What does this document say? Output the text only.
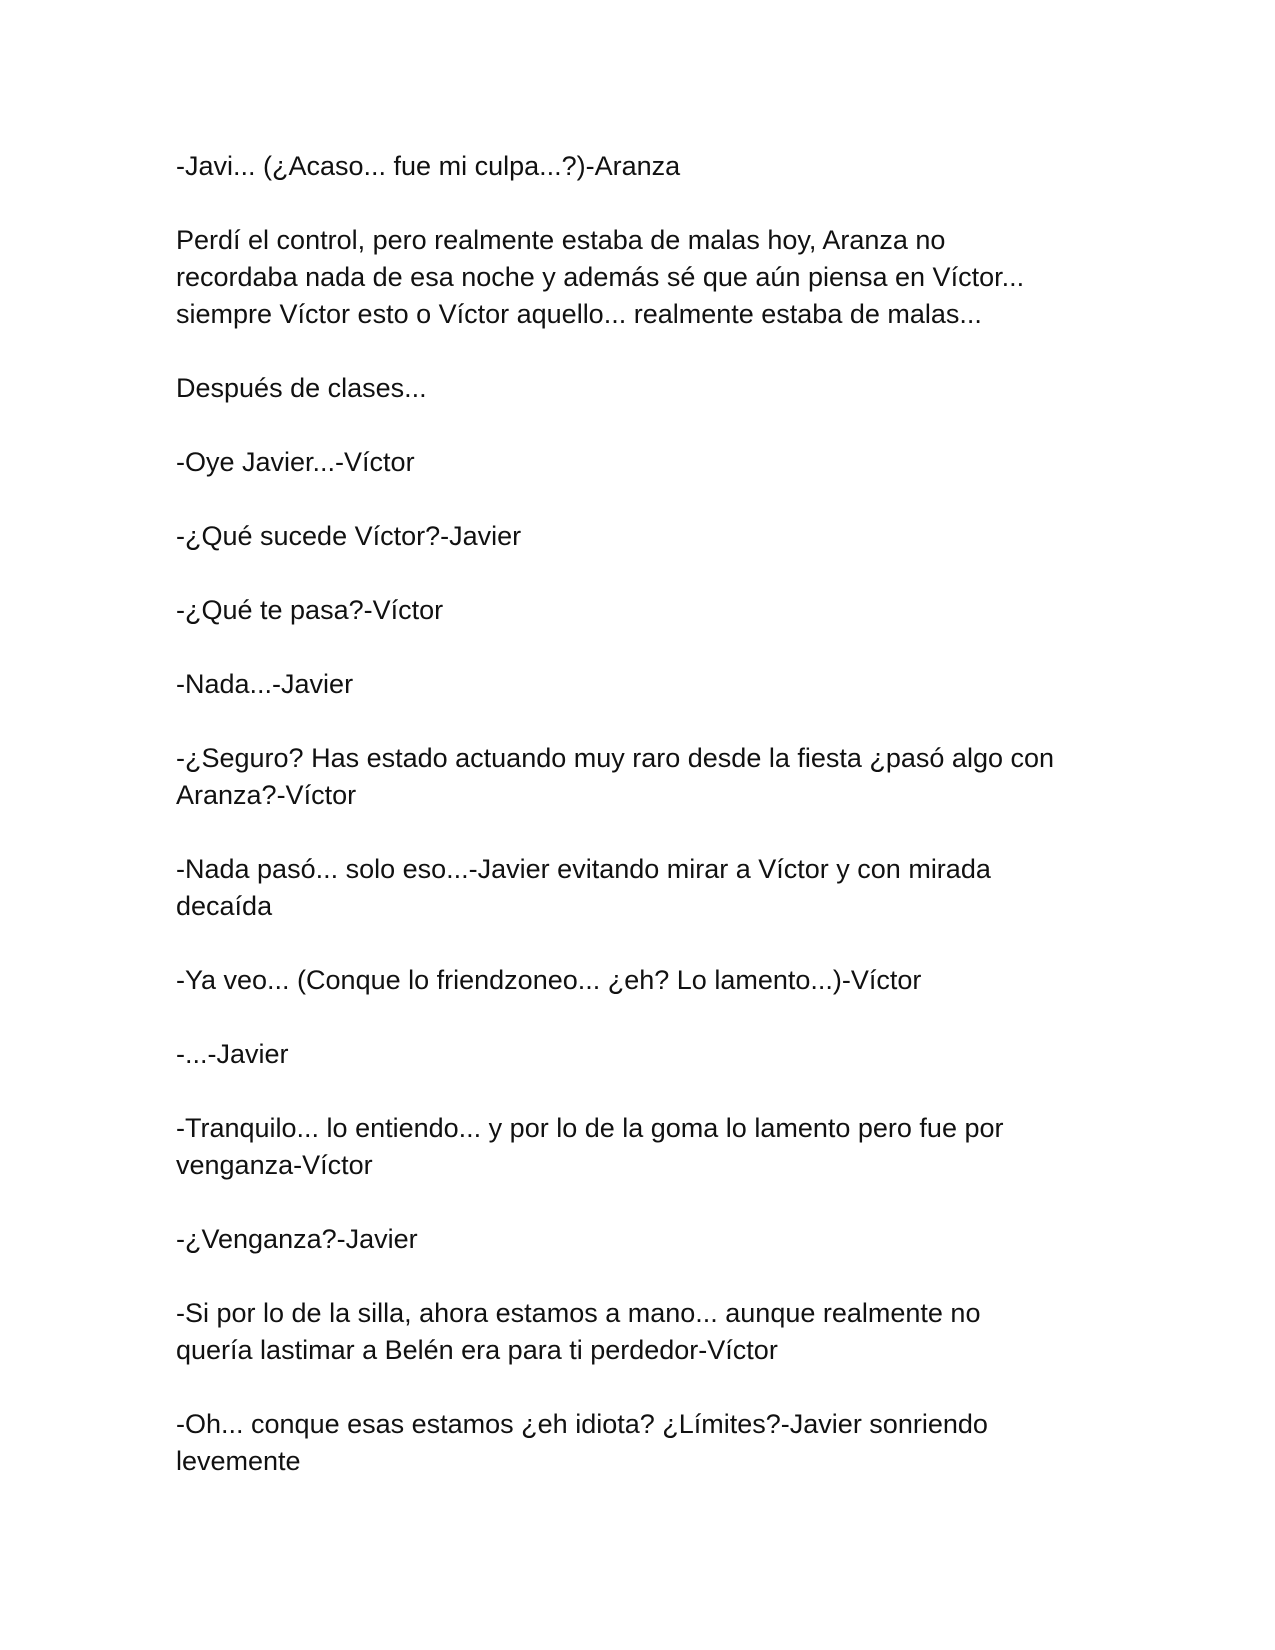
-Javi... (¿Acaso... fue mi culpa...?)-Aranza

Perdí el control, pero realmente estaba de malas hoy, Aranza no
recordaba nada de esa noche y además sé que aún piensa en Víctor...
siempre Víctor esto o Víctor aquello... realmente estaba de malas...

Después de clases...

-Oye Javier...-Víctor

-¿Qué sucede Víctor?-Javier

-¿Qué te pasa?-Víctor

-Nada...-Javier

-¿Seguro? Has estado actuando muy raro desde la fiesta ¿pasó algo con
Aranza?-Víctor

-Nada pasó... solo eso...-Javier evitando mirar a Víctor y con mirada
decaída

-Ya veo... (Conque lo friendzoneo... ¿eh? Lo lamento...)-Víctor

-...-Javier

-Tranquilo... lo entiendo... y por lo de la goma lo lamento pero fue por
venganza-Víctor

-¿Venganza?-Javier

-Si por lo de la silla, ahora estamos a mano... aunque realmente no
quería lastimar a Belén era para ti perdedor-Víctor

-Oh... conque esas estamos ¿eh idiota? ¿Límites?-Javier sonriendo
levemente
